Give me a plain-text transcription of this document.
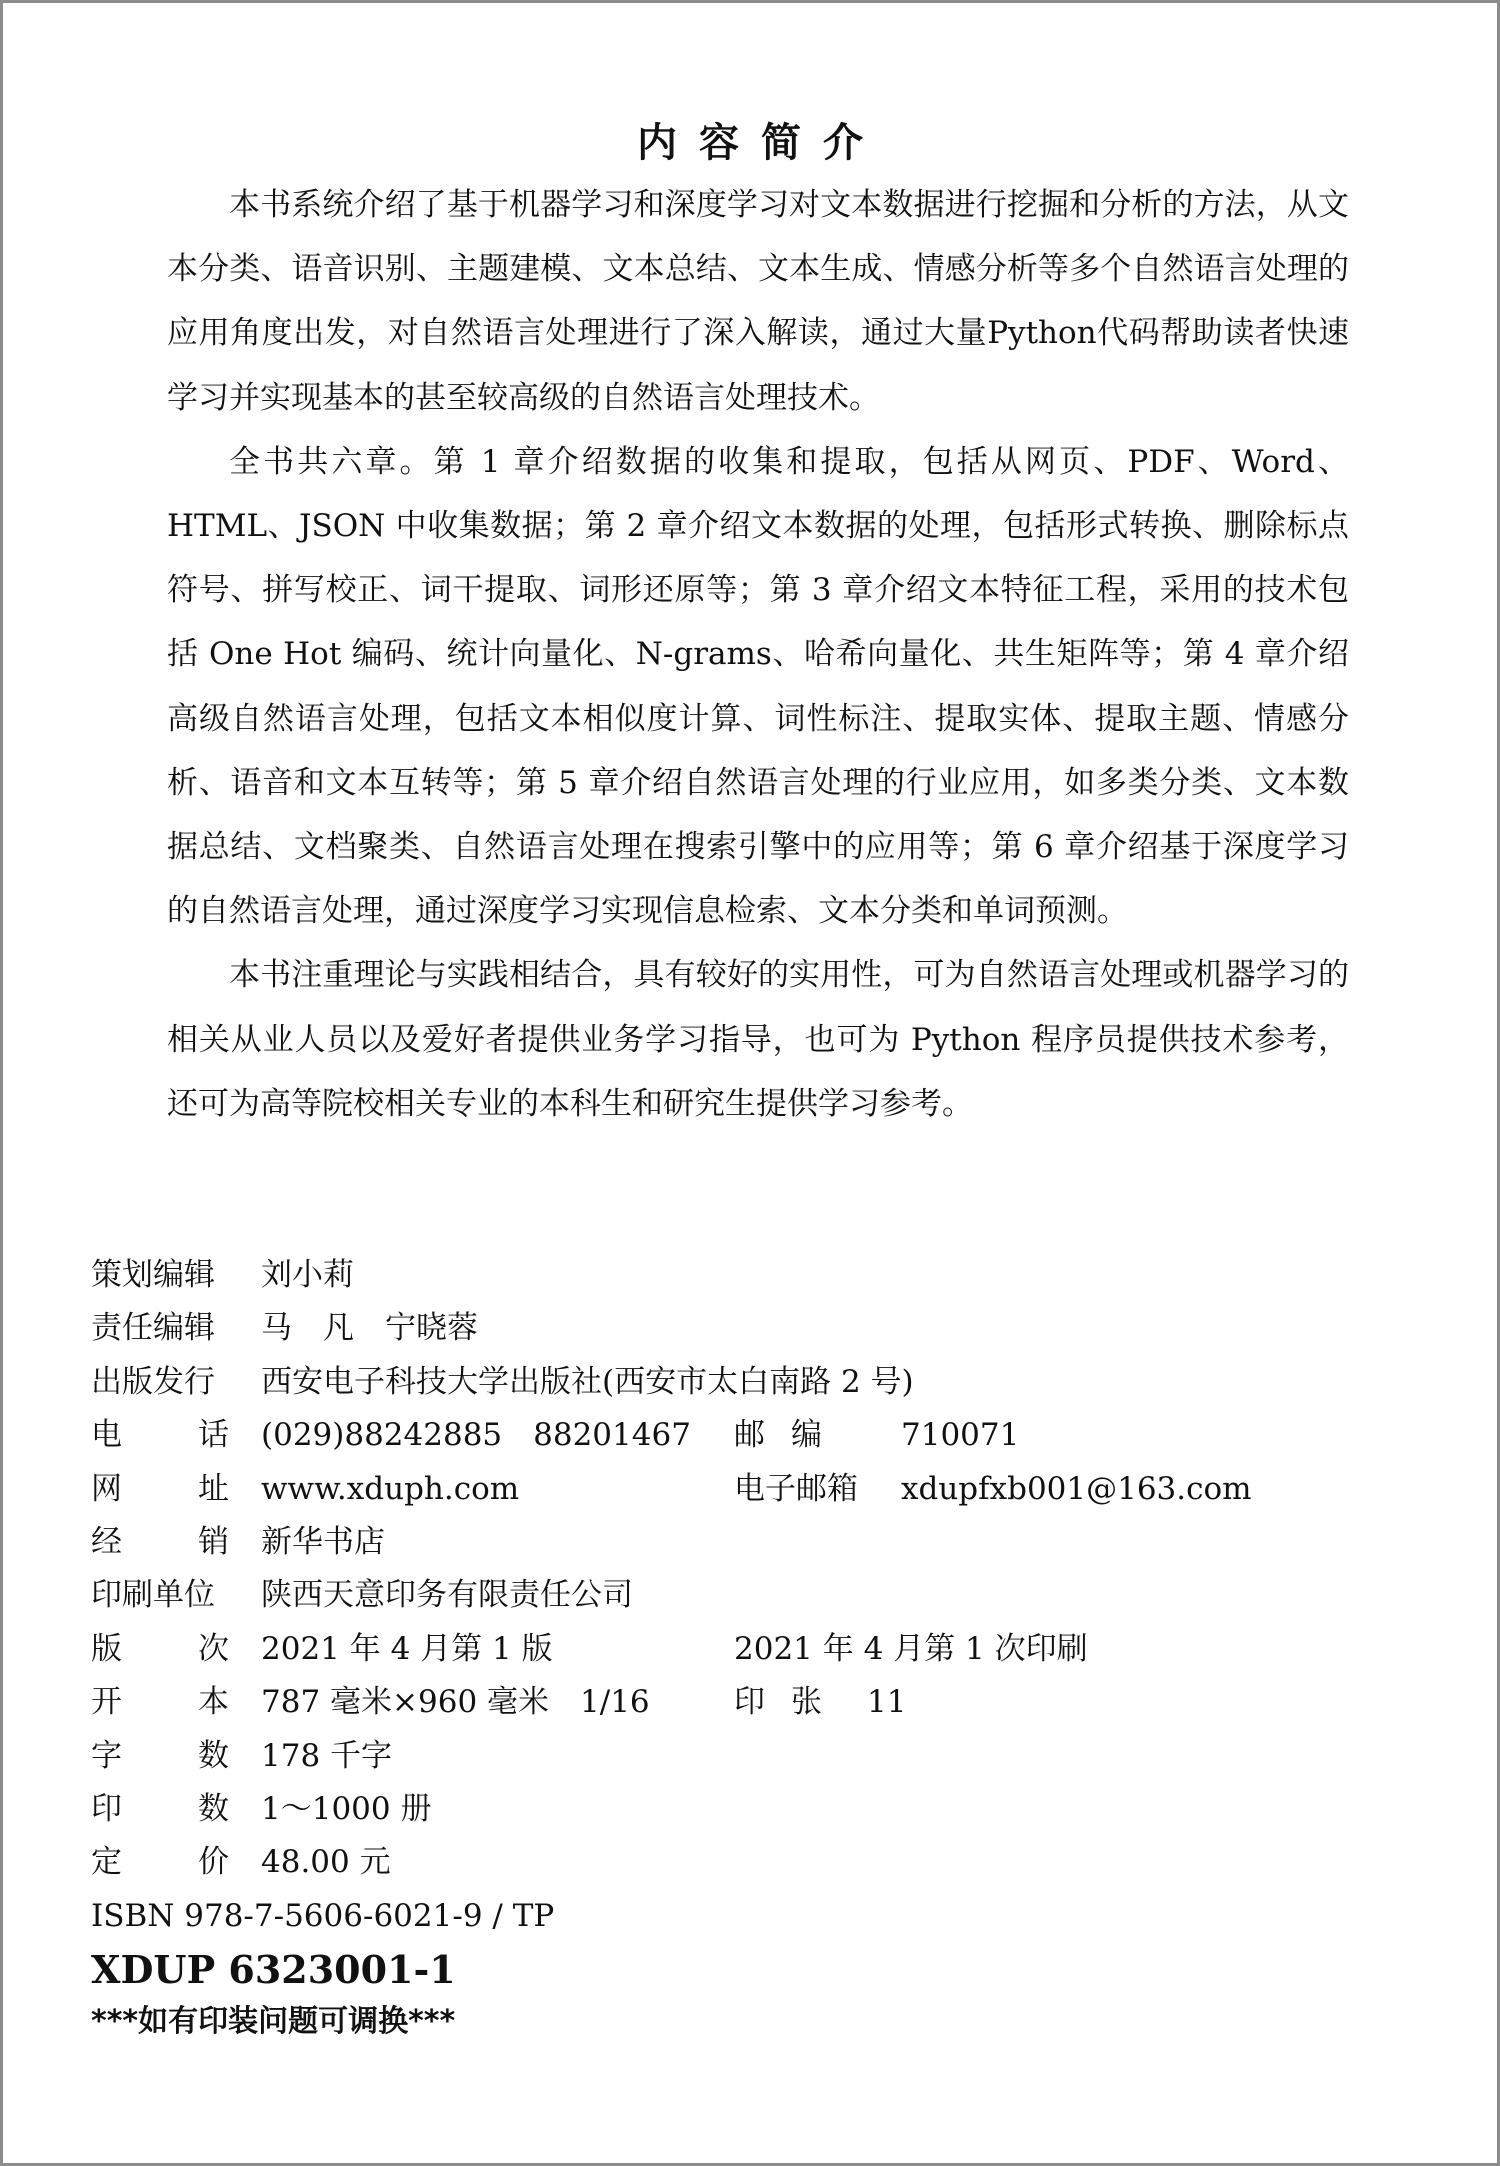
内容简介

本书系统介绍了基于机器学习和深度学习对文本数据进行挖掘和分析的方法，从文本分类、语音识别、主题建模、文本总结、文本生成、情感分析等多个自然语言处理的应用角度出发，对自然语言处理进行了深入解读，通过大量Python代码帮助读者快速学习并实现基本的甚至较高级的自然语言处理技术。

全书共六章。第 1 章介绍数据的收集和提取，包括从网页、PDF、Word、HTML、JSON 中收集数据；第 2 章介绍文本数据的处理，包括形式转换、删除标点符号、拼写校正、词干提取、词形还原等；第 3 章介绍文本特征工程，采用的技术包括 One Hot 编码、统计向量化、N-grams、哈希向量化、共生矩阵等；第 4 章介绍高级自然语言处理，包括文本相似度计算、词性标注、提取实体、提取主题、情感分析、语音和文本互转等；第 5 章介绍自然语言处理的行业应用，如多类分类、文本数据总结、文档聚类、自然语言处理在搜索引擎中的应用等；第 6 章介绍基于深度学习的自然语言处理，通过深度学习实现信息检索、文本分类和单词预测。

本书注重理论与实践相结合，具有较好的实用性，可为自然语言处理或机器学习的相关从业人员以及爱好者提供业务学习指导，也可为 Python 程序员提供技术参考，还可为高等院校相关专业的本科生和研究生提供学习参考。

策划编辑	刘小莉
责任编辑	马　凡　宁晓蓉
出版发行	西安电子科技大学出版社(西安市太白南路 2 号)
电话 (029)88242885　88201467 邮编	710071
网址 www.xduph.com	电子邮箱	xdupfxb001@163.com
经销 新华书店
印刷单位	陕西天意印务有限责任公司
版次 2021 年 4 月第 1 版	2021 年 4 月第 1 次印刷
开本 787 毫米×960 毫米　1/16	印张 11
字数 178 千字
印数 1～1000 册
定价 48.00 元
ISBN 978-7-5606-6021-9 / TP
XDUP 6323001-1
***如有印装问题可调换***
